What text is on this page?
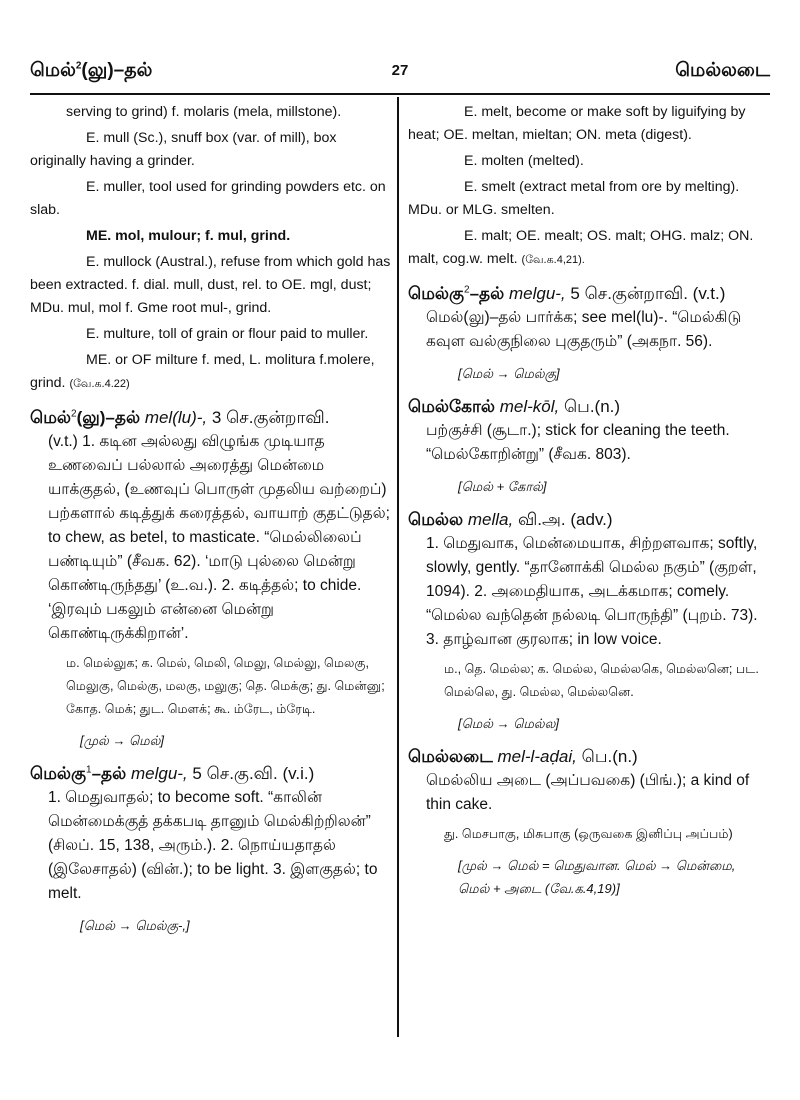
மெல்$^2$(லு)–தல்	27	மெல்லடை

serving to grind) f. molaris (mela, millstone).

E. mull (Sc.), snuff box (var. of mill), box originally having a grinder.

E. muller, tool used for grinding powders etc. on slab.

ME. mol, mulour; f. mul, grind.

E. mullock (Austral.), refuse from which gold has been extracted. f. dial. mull, dust, rel. to OE. mgl, dust; MDu. mul, mol f. Gme root mul-, grind.

E. multure, toll of grain or flour paid to muller.

ME. or OF milture f. med, L. molitura f.molere, grind. (வே.க.4.22)

மெல்$^2$(லு)–தல் mel(lu)-, 3 செ.குன்றாவி.
(v.t.) 1. கடின அல்லது விழுங்க முடியாத உணவைப் பல்லால் அரைத்து மென்மை யாக்குதல், (உணவுப் பொருள் முதலிய வற்றைப்) பற்களால் கடித்துக் கரைத்தல், வாயாற் குதட்டுதல்; to chew, as betel, to masticate. “மெல்லிலைப் பண்டியும்” (சீவக. 62). ‘மாடு புல்லை மென்று கொண்டிருந்தது’ (உ.வ.). 2. கடித்தல்; to chide. ‘இரவும் பகலும் என்னை மென்று கொண்டிருக்கிறான்’.
ம. மெல்லுக; க. மெல், மெலி, மெலு, மெல்லு, மெலகு, மெலுகு, மெல்கு, மலகு, மலுகு; தெ. மெக்கு; து. மென்னு; கோத. மெக்; துட. மௌக்; கூ. ம்ரேட, ம்ரேடி.
[முல் → மெல்]
மெல்கு$^1$–தல் melgu-, 5 செ.கு.வி. (v.i.)
1. மெதுவாதல்; to become soft. “காலின் மென்மைக்குத் தக்கபடி தானும் மெல்கிற்றிலன்” (சிலப். 15, 138, அரும்.). 2. நொய்யதாதல் (இலேசாதல்) (வின்.); to be light. 3. இளகுதல்; to melt.
[மெல் → மெல்கு-,]

E. melt, become or make soft by liguifying by heat; OE. meltan, mieltan; ON. meta (digest).

E. molten (melted).

E. smelt (extract metal from ore by melting). MDu. or MLG. smelten.

E. malt; OE. mealt; OS. malt; OHG. malz; ON. malt, cog.w. melt. (வே.க.4,21).

மெல்கு$^2$–தல் melgu-, 5 செ.குன்றாவி. (v.t.)
மெல்(லு)–தல் பார்க்க; see mel(lu)-. “மெல்கிடு கவுள வல்குநிலை புகுதரும்” (அகநா. 56).
[மெல் → மெல்கு]
மெல்கோல் mel-kōl, பெ.(n.)
பற்குச்சி (சூடா.); stick for cleaning the teeth. “மெல்கோறின்று” (சீவக. 803).
[மெல் + கோல்]
மெல்ல mella, வி.அ. (adv.)
1. மெதுவாக, மென்மையாக, சிற்றளவாக; softly, slowly, gently. “தானோக்கி மெல்ல நகும்” (குறள், 1094). 2. அமைதியாக, அடக்கமாக; comely. “மெல்ல வந்தென் நல்லடி பொருந்தி” (புறம். 73). 3. தாழ்வான குரலாக; in low voice.
ம., தெ. மெல்ல; க. மெல்ல, மெல்லகெ, மெல்லனெ; பட. மெல்லெ, து. மெல்ல, மெல்லனெ.
[மெல் → மெல்ல]
மெல்லடை mel-l-aḍai, பெ.(n.)
மெல்லிய அடை (அப்பவகை) (பிங்.); a kind of thin cake.
து. மெசபாகு, மிசுபாகு (ஒருவகை இனிப்பு அப்பம்)
[முல் → மெல் = மெதுவான. மெல் → மென்மை, மெல் + அடை (வே.க.4,19)]
